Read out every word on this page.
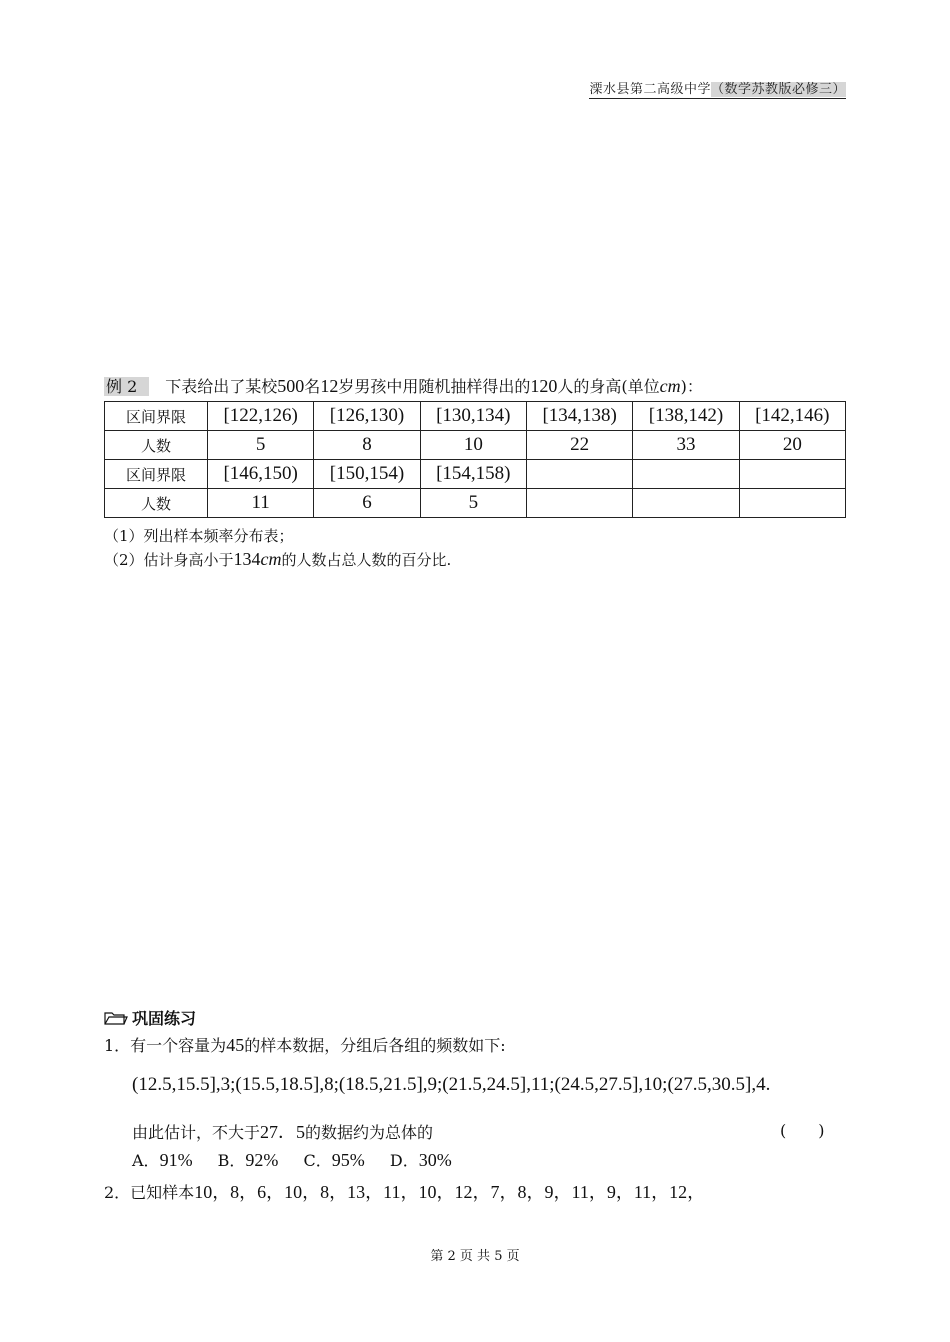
溧水县第二高级中学（数学苏教版必修三）
例 2 下表给出了某校500名12岁男孩中用随机抽样得出的120人的身高(单位cm)：
区间界限	[122,126)	[126,130)	[130,134)	[134,138)	[138,142)	[142,146)
人数	5	8	10	22	33	20
区间界限	[146,150)	[150,154)	[154,158)			
人数	11	6	5			
（1）列出样本频率分布表；
（2）估计身高小于134cm的人数占总人数的百分比.
巩固练习
1．有一个容量为45的样本数据，分组后各组的频数如下:
(12.5,15.5],3;(15.5,18.5],8;(18.5,21.5],9;(21.5,24.5],11;(24.5,27.5],10;(27.5,30.5],4.
由此估计，不大于27．5的数据约为总体的	(　　)
A．91% B．92% C．95% D．30%
2．已知样本10，8，6，10，8，13，11，10，12，7，8，9，11，9，11，12，
第 2 页 共 5 页
